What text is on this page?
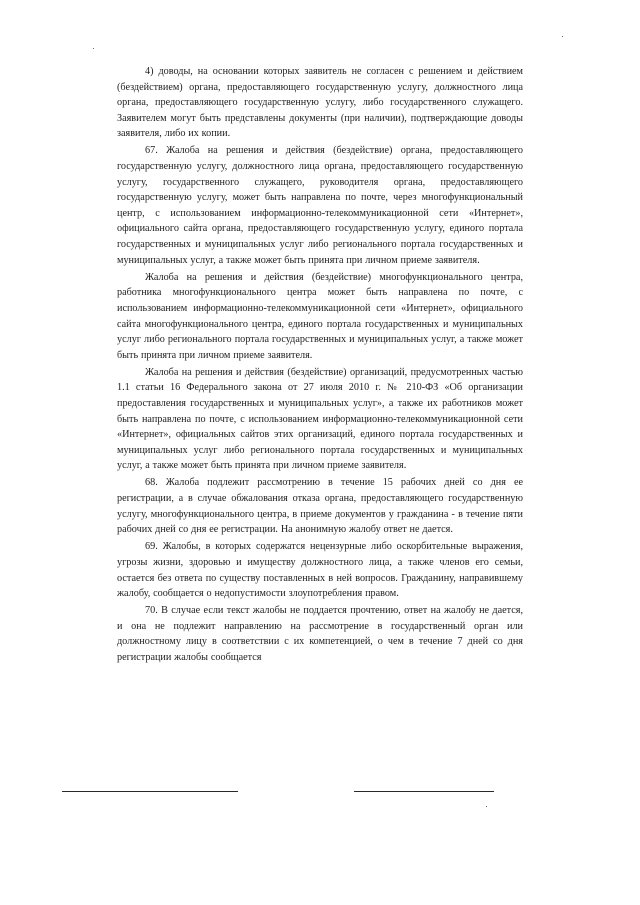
4) доводы, на основании которых заявитель не согласен с решением и действием (бездействием) органа, предоставляющего государственную услугу, должностного лица органа, предоставляющего государственную услугу, либо государственного служащего. Заявителем могут быть представлены документы (при наличии), подтверждающие доводы заявителя, либо их копии.

67. Жалоба на решения и действия (бездействие) органа, предоставляющего государственную услугу, должностного лица органа, предоставляющего государственную услугу, государственного служащего, руководителя органа, предоставляющего государственную услугу, может быть направлена по почте, через многофункциональный центр, с использованием информационно-телекоммуникационной сети «Интернет», официального сайта органа, предоставляющего государственную услугу, единого портала государственных и муниципальных услуг либо регионального портала государственных и муниципальных услуг, а также может быть принята при личном приеме заявителя.

Жалоба на решения и действия (бездействие) многофункционального центра, работника многофункционального центра может быть направлена по почте, с использованием информационно-телекоммуникационной сети «Интернет», официального сайта многофункционального центра, единого портала государственных и муниципальных услуг либо регионального портала государственных и муниципальных услуг, а также может быть принята при личном приеме заявителя.

Жалоба на решения и действия (бездействие) организаций, предусмотренных частью 1.1 статьи 16 Федерального закона от 27 июля 2010 г. № 210-ФЗ «Об организации предоставления государственных и муниципальных услуг», а также их работников может быть направлена по почте, с использованием информационно-телекоммуникационной сети «Интернет», официальных сайтов этих организаций, единого портала государственных и муниципальных услуг либо регионального портала государственных и муниципальных услуг, а также может быть принята при личном приеме заявителя.

68. Жалоба подлежит рассмотрению в течение 15 рабочих дней со дня ее регистрации, а в случае обжалования отказа органа, предоставляющего государственную услугу, многофункционального центра, в приеме документов у гражданина - в течение пяти рабочих дней со дня ее регистрации. На анонимную жалобу ответ не дается.

69. Жалобы, в которых содержатся нецензурные либо оскорбительные выражения, угрозы жизни, здоровью и имуществу должностного лица, а также членов его семьи, остается без ответа по существу поставленных в ней вопросов. Гражданину, направившему жалобу, сообщается о недопустимости злоупотребления правом.

70. В случае если текст жалобы не поддается прочтению, ответ на жалобу не дается, и она не подлежит направлению на рассмотрение в государственный орган или должностному лицу в соответствии с их компетенцией, о чем в течение 7 дней со дня регистрации жалобы сообщается
